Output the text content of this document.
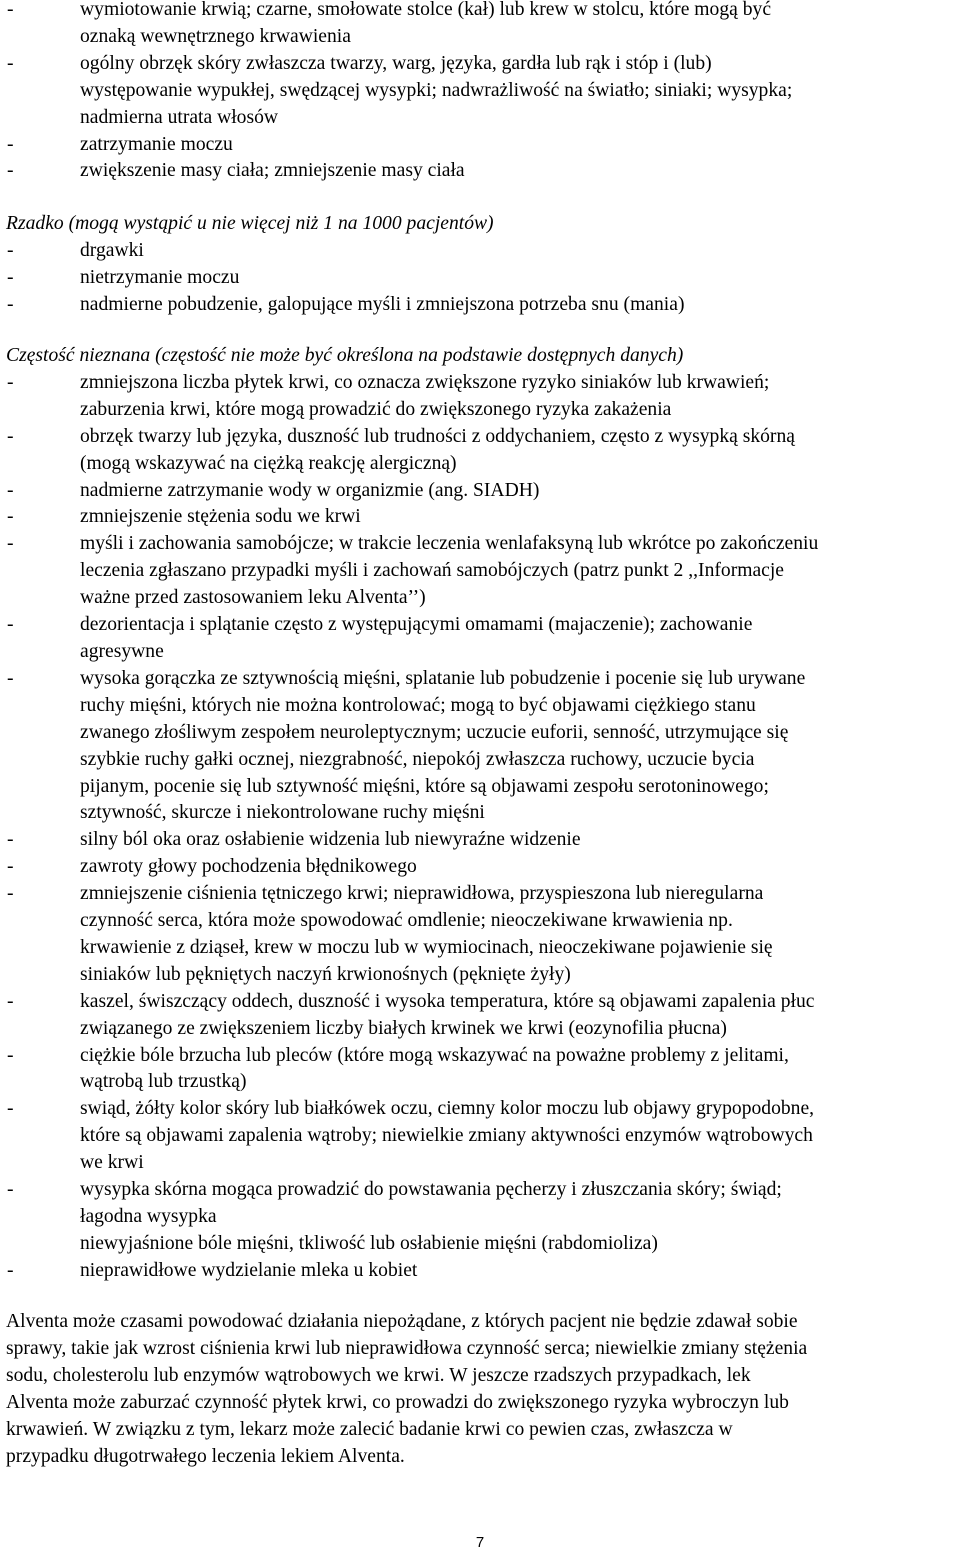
-	wymiotowanie krwią; czarne, smołowate stolce (kał) lub krew w stolcu, które mogą być
oznaką wewnętrznego krwawienia
-	ogólny obrzęk skóry zwłaszcza twarzy, warg, języka, gardła lub rąk i stóp i (lub)
występowanie wypukłej, swędzącej wysypki; nadwrażliwość na światło; siniaki; wysypka;
nadmierna utrata włosów
-	zatrzymanie moczu
-	zwiększenie masy ciała; zmniejszenie masy ciała
Rzadko (mogą wystąpić u nie więcej niż 1 na 1000 pacjentów)
-	drgawki
-	nietrzymanie moczu
-	nadmierne pobudzenie, galopujące myśli i zmniejszona potrzeba snu (mania)
Częstość nieznana (częstość nie może być określona na podstawie dostępnych danych)
-	zmniejszona liczba płytek krwi, co oznacza zwiększone ryzyko siniaków lub krwawień;
zaburzenia krwi, które mogą prowadzić do zwiększonego ryzyka zakażenia
-	obrzęk twarzy lub języka, duszność lub trudności z oddychaniem, często z wysypką skórną
(mogą wskazywać na ciężką reakcję alergiczną)
-	nadmierne zatrzymanie wody w organizmie (ang. SIADH)
-	zmniejszenie stężenia sodu we krwi
-	myśli i zachowania samobójcze; w trakcie leczenia wenlafaksyną lub wkrótce po zakończeniu
leczenia zgłaszano przypadki myśli i zachowań samobójczych (patrz punkt 2 ,,Informacje
ważne przed zastosowaniem leku Alventa’’)
-	dezorientacja i splątanie często z występującymi omamami (majaczenie); zachowanie
agresywne
-	wysoka gorączka ze sztywnością mięśni, splatanie lub pobudzenie i pocenie się lub urywane
ruchy mięśni, których nie można kontrolować; mogą to być objawami ciężkiego stanu
zwanego złośliwym zespołem neuroleptycznym; uczucie euforii, senność, utrzymujące się
szybkie ruchy gałki ocznej, niezgrabność, niepokój zwłaszcza ruchowy, uczucie bycia
pijanym, pocenie się lub sztywność mięśni, które są objawami zespołu serotoninowego;
sztywność, skurcze i niekontrolowane ruchy mięśni
-	silny ból oka oraz osłabienie widzenia lub niewyraźne widzenie
-	zawroty głowy pochodzenia błędnikowego
-	zmniejszenie ciśnienia tętniczego krwi; nieprawidłowa, przyspieszona lub nieregularna
czynność serca, która może spowodować omdlenie; nieoczekiwane krwawienia np.
krwawienie z dziąseł, krew w moczu lub w wymiocinach, nieoczekiwane pojawienie się
siniaków lub pękniętych naczyń krwionośnych (pęknięte żyły)
-	kaszel, świszczący oddech, duszność i wysoka temperatura, które są objawami zapalenia płuc
związanego ze zwiększeniem liczby białych krwinek we krwi (eozynofilia płucna)
-	ciężkie bóle brzucha lub pleców (które mogą wskazywać na poważne problemy z jelitami,
wątrobą lub trzustką)
-	swiąd, żółty kolor skóry lub białkówek oczu, ciemny kolor moczu lub objawy grypopodobne,
które są objawami zapalenia wątroby; niewielkie zmiany aktywności enzymów wątrobowych
we krwi
-	wysypka skórna mogąca prowadzić do powstawania pęcherzy i złuszczania skóry; świąd;
łagodna wysypka
niewyjaśnione bóle mięśni, tkliwość lub osłabienie mięśni (rabdomioliza)
-	nieprawidłowe wydzielanie mleka u kobiet
Alventa może czasami powodować działania niepożądane, z których pacjent nie będzie zdawał sobie
sprawy, takie jak wzrost ciśnienia krwi lub nieprawidłowa czynność serca; niewielkie zmiany stężenia
sodu, cholesterolu lub enzymów wątrobowych we krwi. W jeszcze rzadszych przypadkach, lek
Alventa może zaburzać czynność płytek krwi, co prowadzi do zwiększonego ryzyka wybroczyn lub
krwawień. W związku z tym, lekarz może zalecić badanie krwi co pewien czas, zwłaszcza w
przypadku długotrwałego leczenia lekiem Alventa.
7
